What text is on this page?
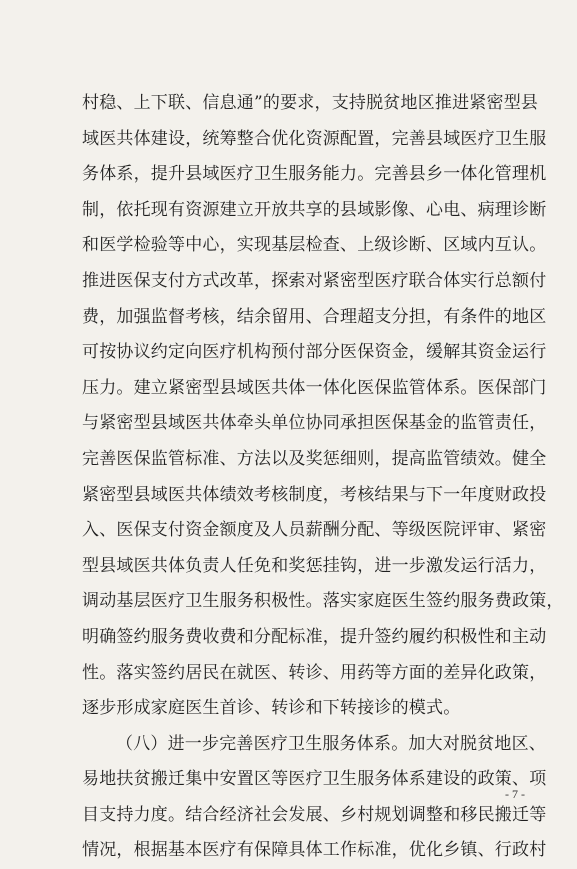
村稳、上下联、信息通”的要求，支持脱贫地区推进紧密型县
域医共体建设，统筹整合优化资源配置，完善县域医疗卫生服
务体系，提升县域医疗卫生服务能力。完善县乡一体化管理机
制，依托现有资源建立开放共享的县域影像、心电、病理诊断
和医学检验等中心，实现基层检查、上级诊断、区域内互认。
推进医保支付方式改革，探索对紧密型医疗联合体实行总额付
费，加强监督考核，结余留用、合理超支分担，有条件的地区
可按协议约定向医疗机构预付部分医保资金，缓解其资金运行
压力。建立紧密型县域医共体一体化医保监管体系。医保部门
与紧密型县域医共体牵头单位协同承担医保基金的监管责任，
完善医保监管标准、方法以及奖惩细则，提高监管绩效。健全
紧密型县域医共体绩效考核制度，考核结果与下一年度财政投
入、医保支付资金额度及人员薪酬分配、等级医院评审、紧密
型县域医共体负责人任免和奖惩挂钩，进一步激发运行活力，
调动基层医疗卫生服务积极性。落实家庭医生签约服务费政策，
明确签约服务费收费和分配标准，提升签约履约积极性和主动
性。落实签约居民在就医、转诊、用药等方面的差异化政策，
逐步形成家庭医生首诊、转诊和下转接诊的模式。
（八）进一步完善医疗卫生服务体系。加大对脱贫地区、
易地扶贫搬迁集中安置区等医疗卫生服务体系建设的政策、项
目支持力度。结合经济社会发展、乡村规划调整和移民搬迁等
情况，根据基本医疗有保障具体工作标准，优化乡镇、行政村
- 7 -
